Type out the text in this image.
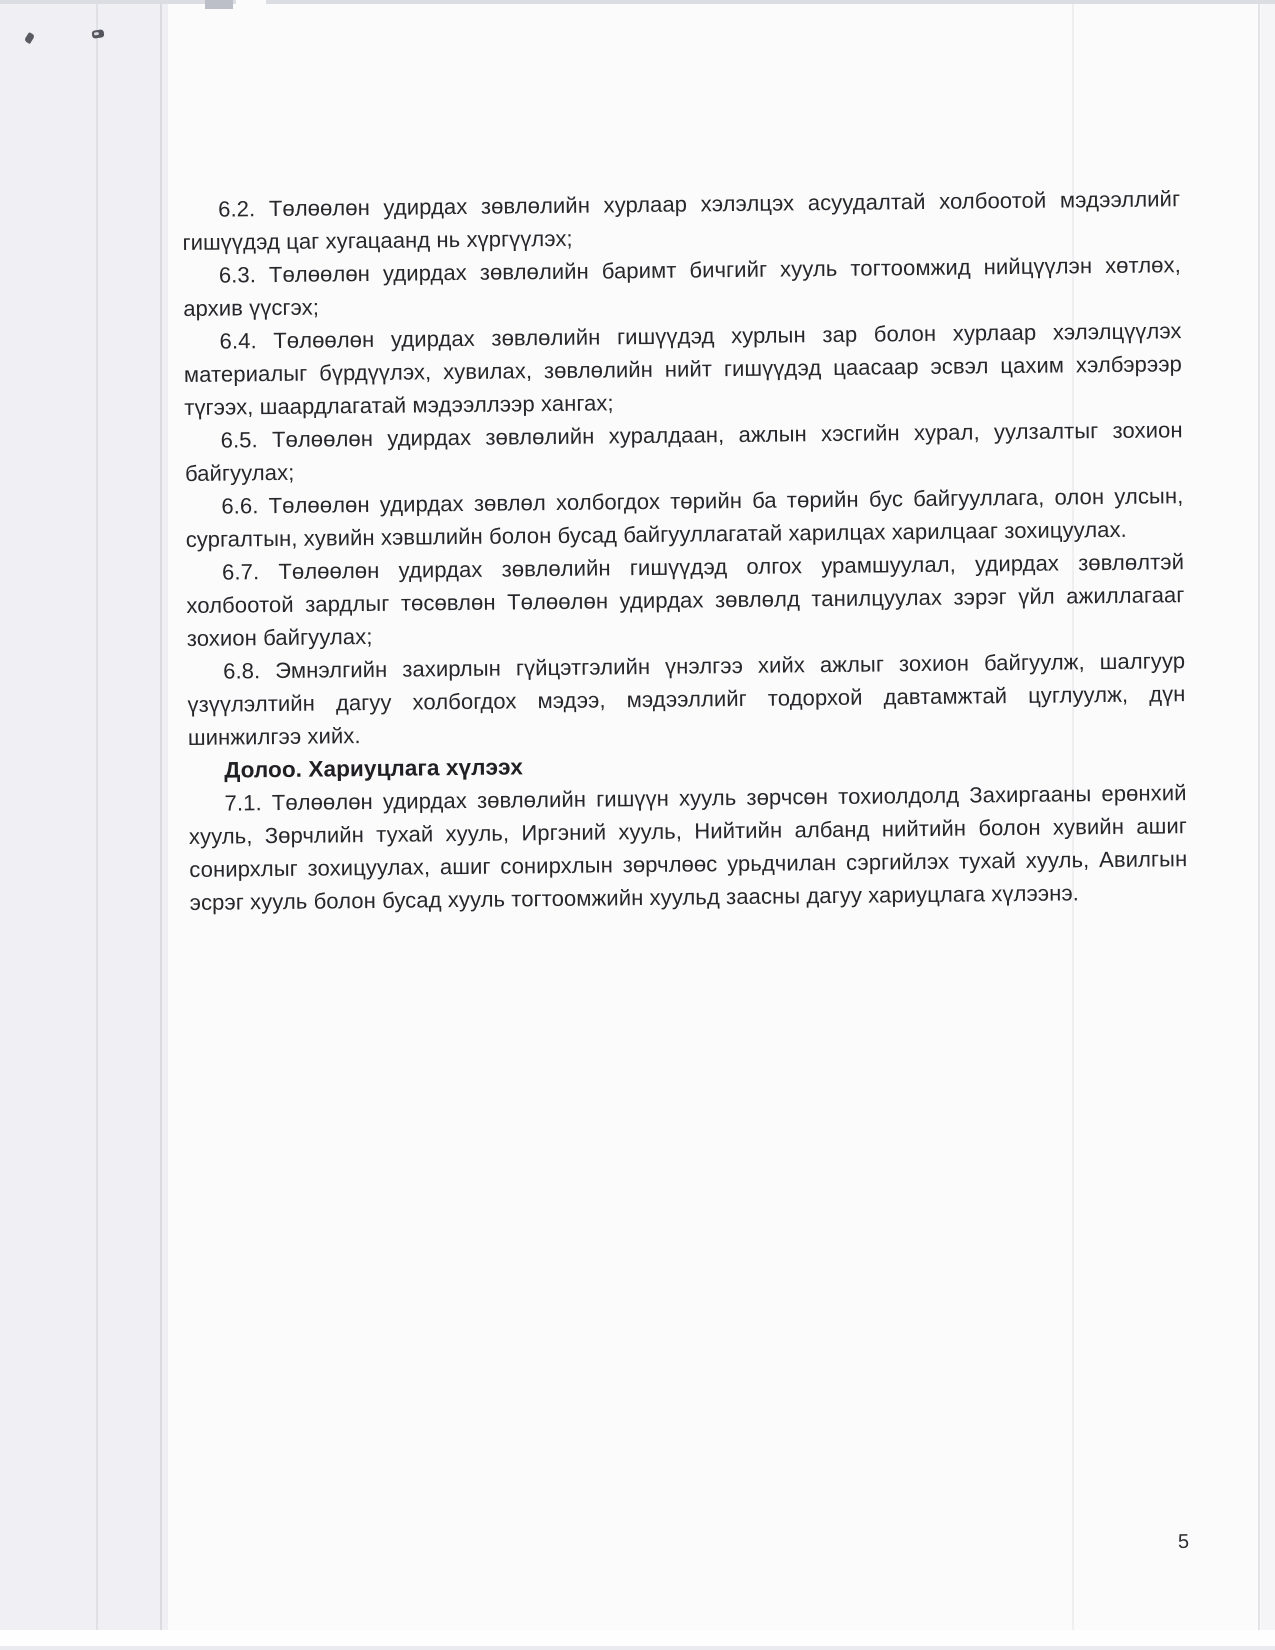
6.2. Төлөөлөн удирдах зөвлөлийн хурлаар хэлэлцэх асуудалтай холбоотой мэдээллийг гишүүдэд цаг хугацаанд нь хүргүүлэх;

6.3. Төлөөлөн удирдах зөвлөлийн баримт бичгийг хууль тогтоомжид нийцүүлэн хөтлөх, архив үүсгэх;

6.4. Төлөөлөн удирдах зөвлөлийн гишүүдэд хурлын зар болон хурлаар хэлэлцүүлэх материалыг бүрдүүлэх, хувилах, зөвлөлийн нийт гишүүдэд цаасаар эсвэл цахим хэлбэрээр түгээх, шаардлагатай мэдээллээр хангах;

6.5. Төлөөлөн удирдах зөвлөлийн хуралдаан, ажлын хэсгийн хурал, уулзалтыг зохион байгуулах;

6.6. Төлөөлөн удирдах зөвлөл холбогдох төрийн ба төрийн бус байгууллага, олон улсын, сургалтын, хувийн хэвшлийн болон бусад байгууллагатай харилцах харилцааг зохицуулах.

6.7. Төлөөлөн удирдах зөвлөлийн гишүүдэд олгох урамшуулал, удирдах зөвлөлтэй холбоотой зардлыг төсөвлөн Төлөөлөн удирдах зөвлөлд танилцуулах зэрэг үйл ажиллагааг зохион байгуулах;

6.8. Эмнэлгийн захирлын гүйцэтгэлийн үнэлгээ хийх ажлыг зохион байгуулж, шалгуур үзүүлэлтийн дагуу холбогдох мэдээ, мэдээллийг тодорхой давтамжтай цуглуулж, дүн шинжилгээ хийх.

Долоо. Хариуцлага хүлээх

7.1. Төлөөлөн удирдах зөвлөлийн гишүүн хууль зөрчсөн тохиолдолд Захиргааны ерөнхий хууль, Зөрчлийн тухай хууль, Иргэний хууль, Нийтийн албанд нийтийн болон хувийн ашиг сонирхлыг зохицуулах, ашиг сонирхлын зөрчлөөс урьдчилан сэргийлэх тухай хууль, Авилгын эсрэг хууль болон бусад хууль тогтоомжийн хуульд заасны дагуу хариуцлага хүлээнэ.

5
